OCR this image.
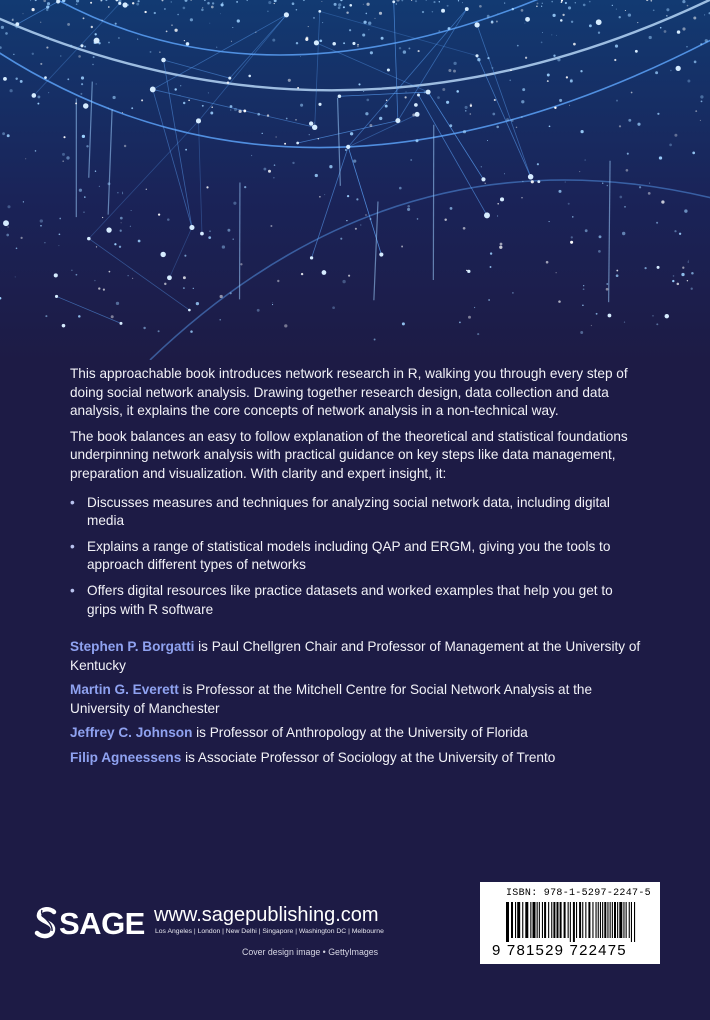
This approachable book introduces network research in R, walking you through every step of doing social network analysis. Drawing together research design, data collection and data analysis, it explains the core concepts of network analysis in a non-technical way.

The book balances an easy to follow explanation of the theoretical and statistical foundations underpinning network analysis with practical guidance on key steps like data management, preparation and visualization. With clarity and expert insight, it:

• Discusses measures and techniques for analyzing social network data, including digital media
• Explains a range of statistical models including QAP and ERGM, giving you the tools to approach different types of networks
• Offers digital resources like practice datasets and worked examples that help you get to grips with R software
Stephen P. Borgatti is Paul Chellgren Chair and Professor of Management at the University of Kentucky
Martin G. Everett is Professor at the Mitchell Centre for Social Network Analysis at the University of Manchester
Jeffrey C. Johnson is Professor of Anthropology at the University of Florida
Filip Agneessens is Associate Professor of Sociology at the University of Trento
SAGE www.sagepublishing.com
Los Angeles | London | New Delhi | Singapore | Washington DC | Melbourne
Cover design image • GettyImages
ISBN: 978-1-5297-2247-5
9 781529 722475
